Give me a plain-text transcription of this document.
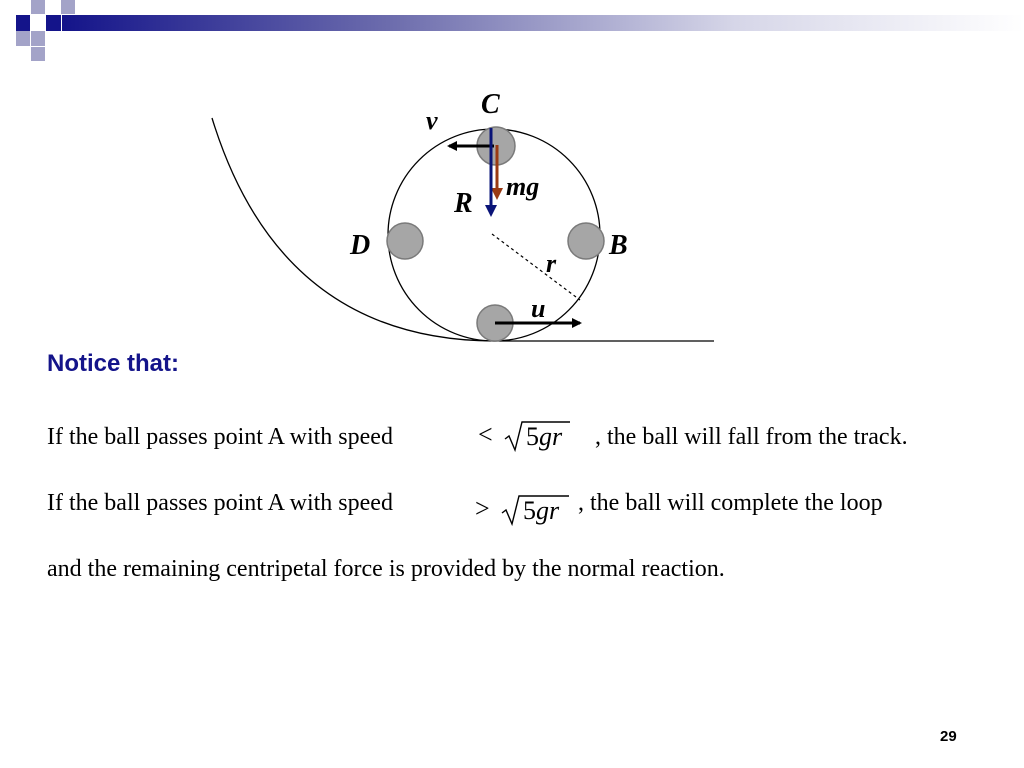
C
v
mg
R
D	B
r
u

Notice that:

If the ball passes point A with speed	< 5gr , the ball will fall from the track.
If the ball passes point A with speed	> 5gr , the ball will complete the loop

and the remaining centripetal force is provided by the normal reaction.

29
